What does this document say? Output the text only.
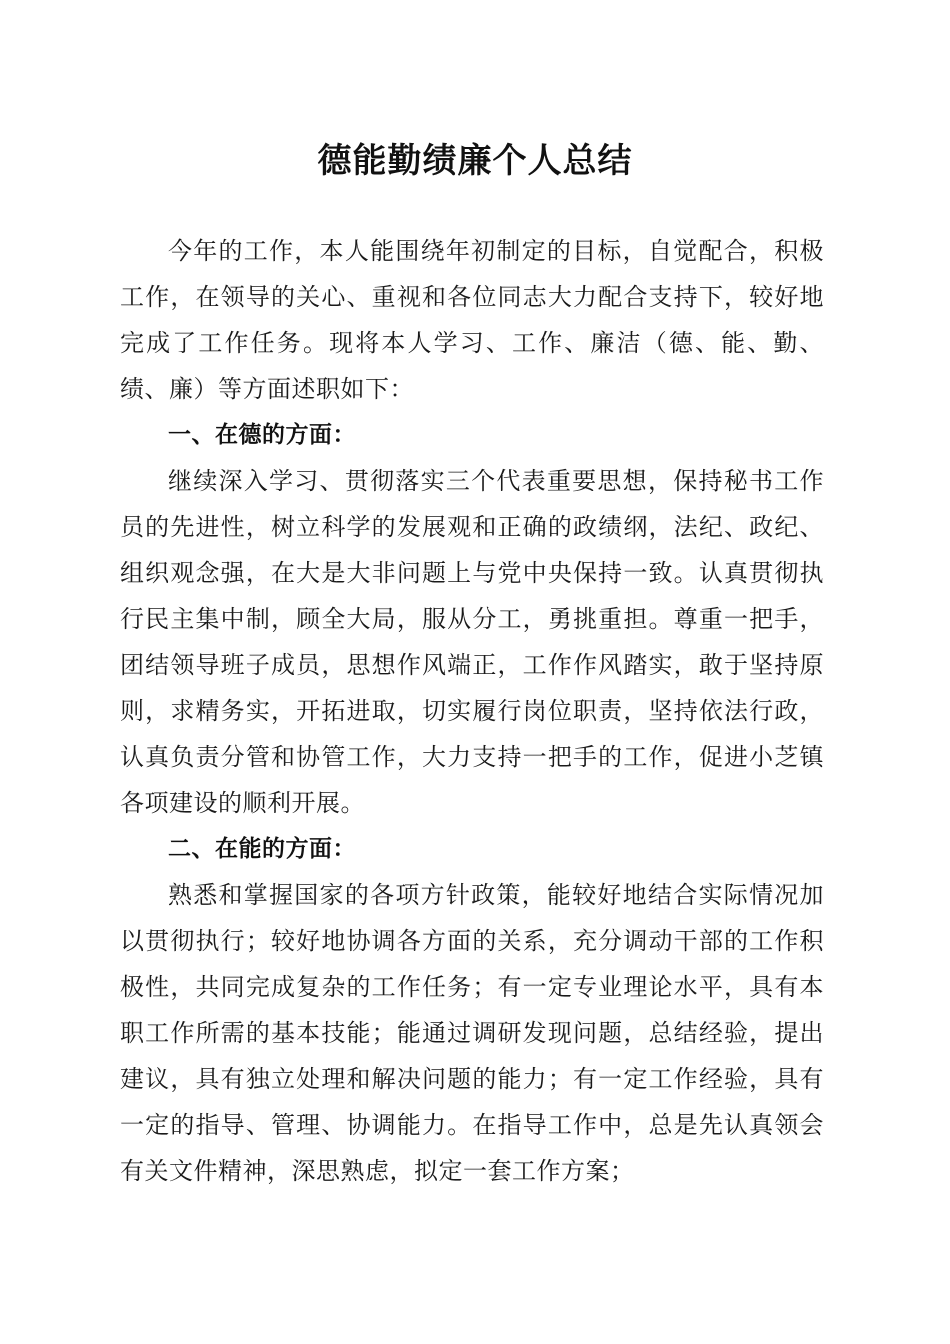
德能勤绩廉个人总结

今年的工作，本人能围绕年初制定的目标，自觉配合，积极工作，在领导的关心、重视和各位同志大力配合支持下，较好地完成了工作任务。现将本人学习、工作、廉洁（德、能、勤、绩、廉）等方面述职如下：

一、在德的方面：

继续深入学习、贯彻落实三个代表重要思想，保持秘书工作员的先进性，树立科学的发展观和正确的政绩纲，法纪、政纪、组织观念强，在大是大非问题上与党中央保持一致。认真贯彻执行民主集中制，顾全大局，服从分工，勇挑重担。尊重一把手，团结领导班子成员，思想作风端正，工作作风踏实，敢于坚持原则，求精务实，开拓进取，切实履行岗位职责，坚持依法行政，认真负责分管和协管工作，大力支持一把手的工作，促进小芝镇各项建设的顺利开展。

二、在能的方面：

熟悉和掌握国家的各项方针政策，能较好地结合实际情况加以贯彻执行；较好地协调各方面的关系，充分调动干部的工作积极性，共同完成复杂的工作任务；有一定专业理论水平，具有本职工作所需的基本技能；能通过调研发现问题，总结经验，提出建议，具有独立处理和解决问题的能力；有一定工作经验，具有一定的指导、管理、协调能力。在指导工作中，总是先认真领会有关文件精神，深思熟虑，拟定一套工作方案；
